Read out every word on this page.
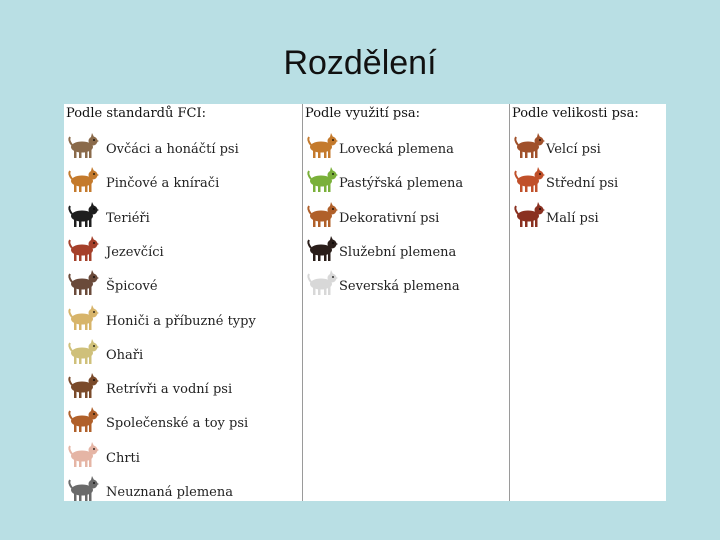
Rozdělení
Podle standardů FCI:
Ovčáci a honáčtí psi
Pinčové a knírači
Teriéři
Jezevčíci
Špicové
Honiči a příbuzné typy
Ohaři
Retrívři a vodní psi
Společenské a toy psi
Chrti
Neuznaná plemena
Podle využití psa:
Lovecká plemena
Pastýřská plemena
Dekorativní psi
Služební plemena
Severská plemena
Podle velikosti psa:
Velcí psi
Střední psi
Malí psi
